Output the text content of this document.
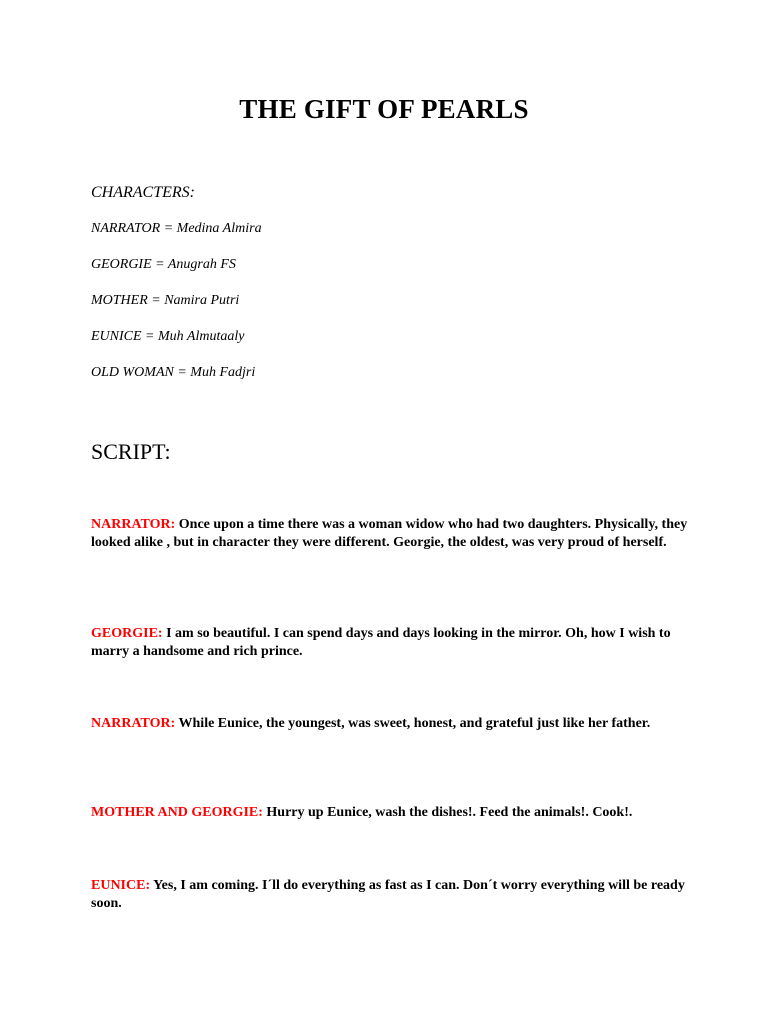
THE GIFT OF PEARLS
CHARACTERS:
NARRATOR = Medina Almira
GEORGIE = Anugrah FS
MOTHER = Namira Putri
EUNICE = Muh Almutaaly
OLD WOMAN = Muh Fadjri
SCRIPT:

NARRATOR: Once upon a time there was a woman widow who had two daughters. Physically, they looked alike , but in character they were different. Georgie, the oldest, was very proud of herself.

GEORGIE: I am so beautiful. I can spend days and days looking in the mirror. Oh, how I wish to marry a handsome and rich prince.

NARRATOR: While Eunice, the youngest, was sweet, honest, and grateful just like her father.

MOTHER AND GEORGIE: Hurry up Eunice, wash the dishes!. Feed the animals!. Cook!.

EUNICE: Yes, I am coming. I´ll do everything as fast as I can. Don´t worry everything will be ready soon.
